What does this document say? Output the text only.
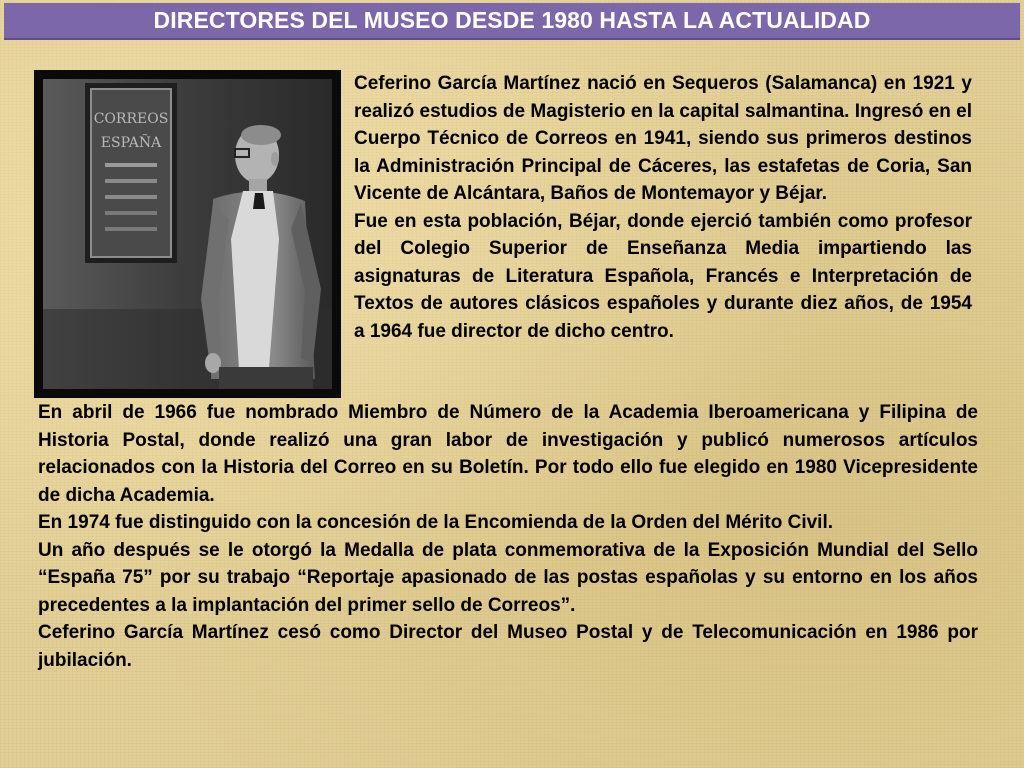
DIRECTORES DEL MUSEO DESDE 1980 HASTA LA ACTUALIDAD
CORREOS
ESPAÑA

Ceferino García Martínez nació en Sequeros (Salamanca) en 1921 y realizó estudios de Magisterio en la capital salmantina. Ingresó en el Cuerpo Técnico de Correos en 1941, siendo sus primeros destinos la Administración Principal de Cáceres, las estafetas de Coria, San Vicente de Alcántara, Baños de Montemayor y Béjar.

Fue en esta población, Béjar, donde ejerció también como profesor del Colegio Superior de Enseñanza Media impartiendo las asignaturas de Literatura Española, Francés e Interpretación de Textos de autores clásicos españoles y durante diez años, de 1954 a 1964 fue director de dicho centro.

En abril de 1966 fue nombrado Miembro de Número de la Academia Iberoamericana y Filipina de Historia Postal, donde realizó una gran labor de investigación y publicó numerosos artículos relacionados con la Historia del Correo en su Boletín. Por todo ello fue elegido en 1980 Vicepresidente de dicha Academia.

En 1974 fue distinguido con la concesión de la Encomienda de la Orden del Mérito Civil.

Un año después se le otorgó la Medalla de plata conmemorativa de la Exposición Mundial del Sello “España 75” por su trabajo “Reportaje apasionado de las postas españolas y su entorno en los años precedentes a la implantación del primer sello de Correos”.

Ceferino García Martínez cesó como Director del Museo Postal y de Telecomunicación en 1986 por jubilación.
